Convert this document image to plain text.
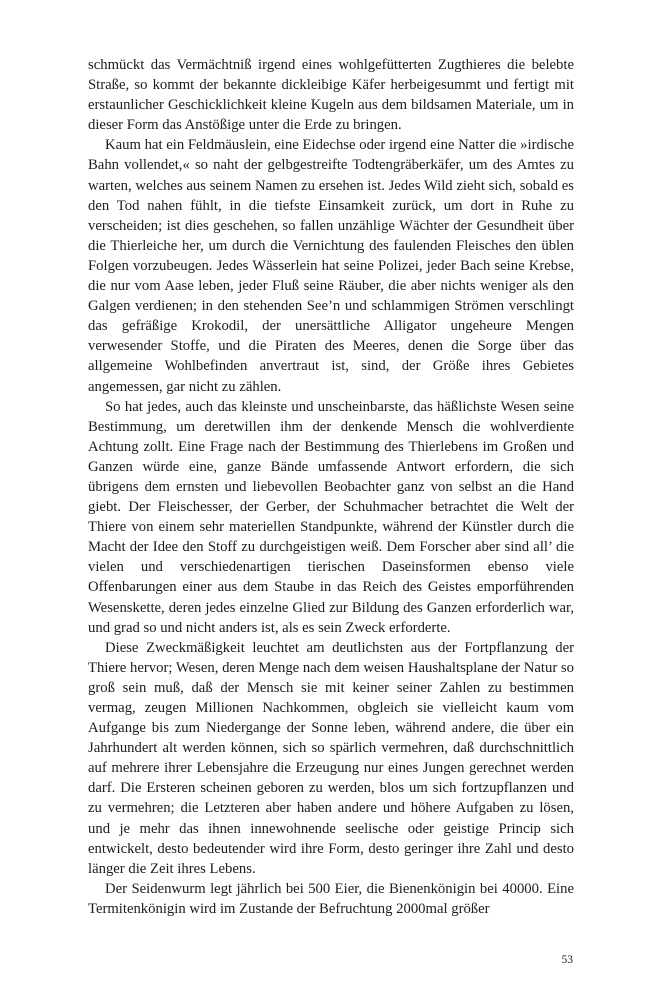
schmückt das Vermächtniß irgend eines wohlgefütterten Zugthieres die belebte Straße, so kommt der bekannte dickleibige Käfer herbeigesummt und fertigt mit erstaunlicher Geschicklichkeit kleine Kugeln aus dem bildsamen Materiale, um in dieser Form das Anstößige unter die Erde zu bringen.

Kaum hat ein Feldmäuslein, eine Eidechse oder irgend eine Natter die »irdische Bahn vollendet,« so naht der gelbgestreifte Todtengräberkäfer, um des Amtes zu warten, welches aus seinem Namen zu ersehen ist. Jedes Wild zieht sich, sobald es den Tod nahen fühlt, in die tiefste Einsamkeit zurück, um dort in Ruhe zu verscheiden; ist dies geschehen, so fallen unzählige Wächter der Gesundheit über die Thierleiche her, um durch die Vernichtung des faulenden Fleisches den üblen Folgen vorzubeugen. Jedes Wässerlein hat seine Polizei, jeder Bach seine Krebse, die nur vom Aase leben, jeder Fluß seine Räuber, die aber nichts weniger als den Galgen verdienen; in den stehenden See’n und schlammigen Strömen verschlingt das gefräßige Krokodil, der unersättliche Alligator ungeheure Mengen verwesender Stoffe, und die Piraten des Meeres, denen die Sorge über das allgemeine Wohlbefinden anvertraut ist, sind, der Größe ihres Gebietes angemessen, gar nicht zu zählen.

So hat jedes, auch das kleinste und unscheinbarste, das häßlichste Wesen seine Bestimmung, um deretwillen ihm der denkende Mensch die wohlverdiente Achtung zollt. Eine Frage nach der Bestimmung des Thierlebens im Großen und Ganzen würde eine, ganze Bände umfassende Antwort erfordern, die sich übrigens dem ernsten und liebevollen Beobachter ganz von selbst an die Hand giebt. Der Fleischesser, der Gerber, der Schuhmacher betrachtet die Welt der Thiere von einem sehr materiellen Standpunkte, während der Künstler durch die Macht der Idee den Stoff zu durchgeistigen weiß. Dem Forscher aber sind all’ die vielen und verschiedenartigen tierischen Daseinsformen ebenso viele Offenbarungen einer aus dem Staube in das Reich des Geistes emporführenden Wesenskette, deren jedes einzelne Glied zur Bildung des Ganzen erforderlich war, und grad so und nicht anders ist, als es sein Zweck erforderte.

Diese Zweckmäßigkeit leuchtet am deutlichsten aus der Fortpflanzung der Thiere hervor; Wesen, deren Menge nach dem weisen Haushaltsplane der Natur so groß sein muß, daß der Mensch sie mit keiner seiner Zahlen zu bestimmen vermag, zeugen Millionen Nachkommen, obgleich sie vielleicht kaum vom Aufgange bis zum Niedergange der Sonne leben, während andere, die über ein Jahrhundert alt werden können, sich so spärlich vermehren, daß durchschnittlich auf mehrere ihrer Lebensjahre die Erzeugung nur eines Jungen gerechnet werden darf. Die Ersteren scheinen geboren zu werden, blos um sich fortzupflanzen und zu vermehren; die Letzteren aber haben andere und höhere Aufgaben zu lösen, und je mehr das ihnen innewohnende seelische oder geistige Princip sich entwickelt, desto bedeutender wird ihre Form, desto geringer ihre Zahl und desto länger die Zeit ihres Lebens.

Der Seidenwurm legt jährlich bei 500 Eier, die Bienenkönigin bei 40000. Eine Termitenkönigin wird im Zustande der Befruchtung 2000mal größer

53
